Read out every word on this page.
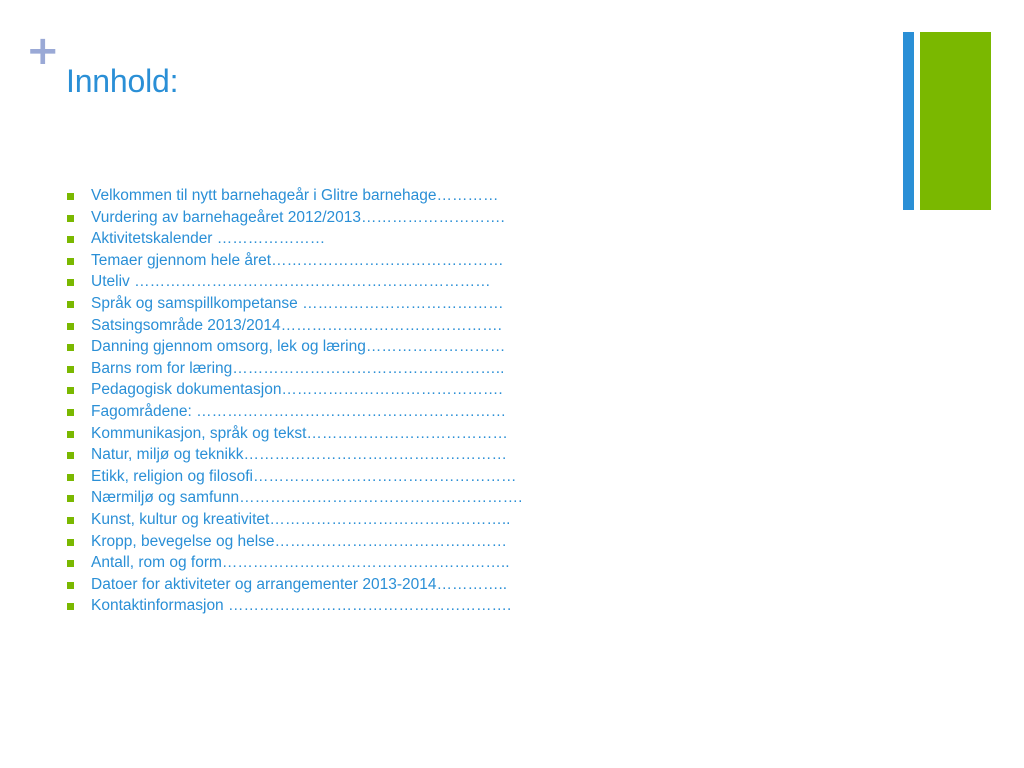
+
Innhold:
Velkommen til nytt barnehageår i Glitre barnehage…………
Vurdering av barnehageåret 2012/2013……………………….
Aktivitetskalender …………………
Temaer gjennom hele året………………………………………
Uteliv ……………………………………………………………
Språk og samspillkompetanse …………………………………
Satsingsområde 2013/2014…………………………………….
Danning gjennom omsorg, lek og læring………………………
Barns rom for læring……………………………………………..
Pedagogisk dokumentasjon…………………………………….
Fagområdene: ……………………………………………………
Kommunikasjon, språk og tekst…………………………………
Natur, miljø og teknikk……………………………………………
Etikk, religion og filosofi……………………………………………
Nærmiljø og samfunn……………………………………………….
Kunst, kultur og kreativitet………………………………………..
Kropp, bevegelse og helse………………………………………
Antall, rom og form………………………………………………..
Datoer for aktiviteter og arrangementer 2013-2014…………..
Kontaktinformasjon ……………………………………………….
